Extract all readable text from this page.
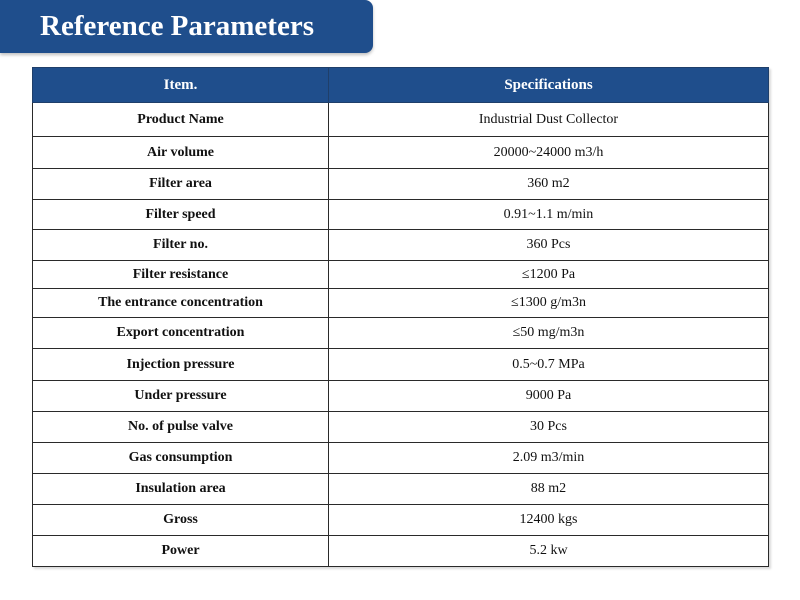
Reference Parameters
Item.	Specifications
Product Name	Industrial Dust Collector
Air volume	20000~24000 m3/h
Filter area	360 m2
Filter speed	0.91~1.1 m/min
Filter no.	360 Pcs
Filter resistance	≤1200 Pa
The entrance concentration	≤1300 g/m3n
Export concentration	≤50 mg/m3n
Injection pressure	0.5~0.7 MPa
Under pressure	9000 Pa
No. of pulse valve	30 Pcs
Gas consumption	2.09 m3/min
Insulation area	88 m2
Gross	12400 kgs
Power	5.2 kw
